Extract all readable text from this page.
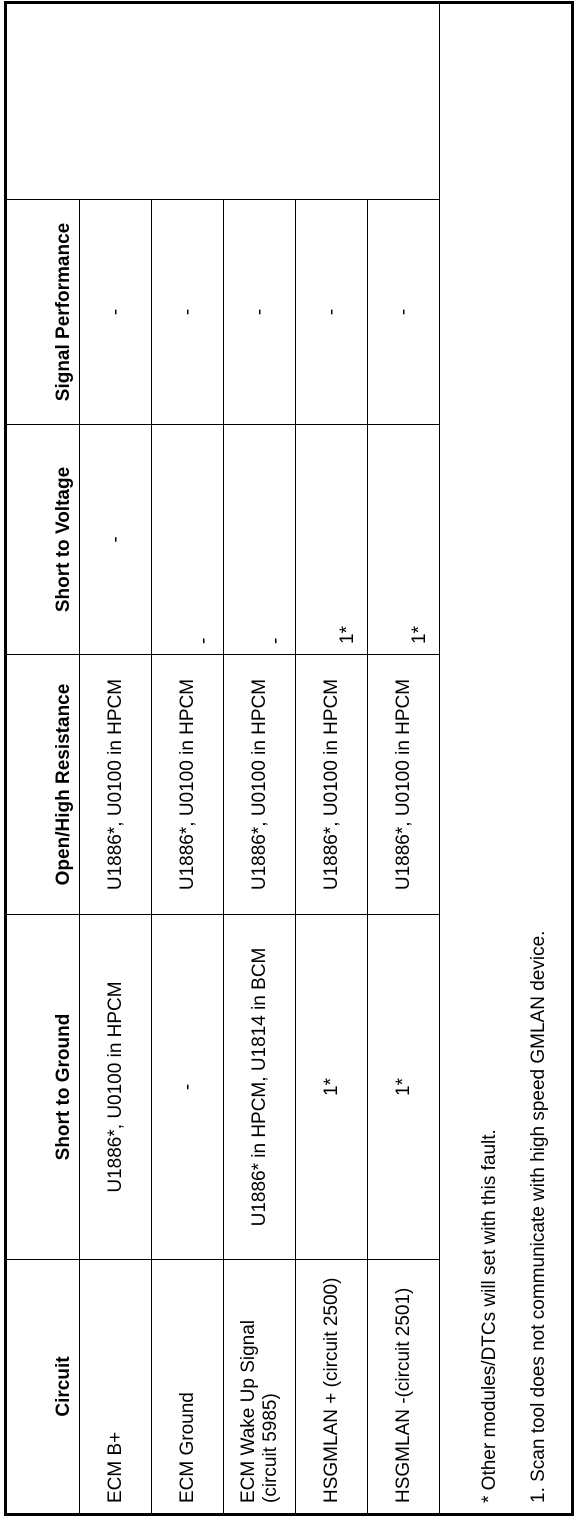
Circuit	Short to Ground	Open/High Resistance	Short to Voltage	Signal Performance	
ECM B+	U1886*, U0100 in HPCM	U1886*, U0100 in HPCM	-	-	
ECM Ground	-	U1886*, U0100 in HPCM	-	-	
ECM Wake Up Signal (circuit 5985)	U1886* in HPCM, U1814 in BCM	U1886*, U0100 in HPCM	-	-	
HSGMLAN + (circuit 2500)	1*	U1886*, U0100 in HPCM	1*	-	
HSGMLAN -(circuit 2501)	1*	U1886*, U0100 in HPCM	1*	-	
* Other modules/DTCs will set with this fault.					
1. Scan tool does not communicate with high speed GMLAN device.					
